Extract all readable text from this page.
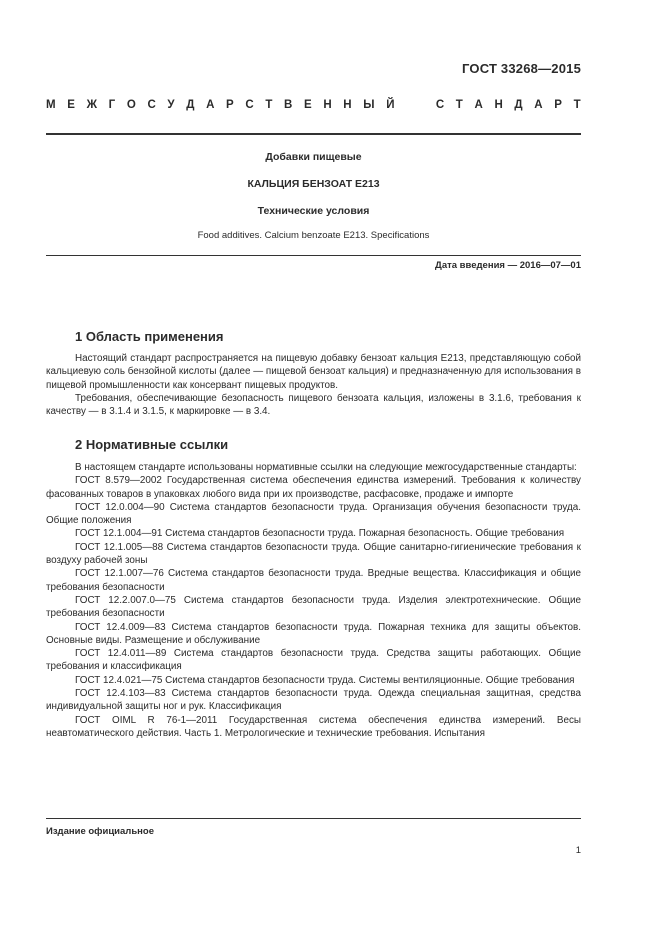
ГОСТ 33268—2015
М Е Ж Г О С У Д А Р С Т В Е Н Н Ы Й

	С Т А Н Д А Р Т
Добавки пищевые
КАЛЬЦИЯ БЕНЗОАТ Е213
Технические условия
Food additives. Calcium benzoate E213. Specifications
Дата введения — 2016—07—01
1 Область применения

Настоящий стандарт распространяется на пищевую добавку бензоат кальция Е213, представляющую собой кальциевую соль бензойной кислоты (далее — пищевой бензоат кальция) и предназначенную для использования в пищевой промышленности как консервант пищевых продуктов.

Требования, обеспечивающие безопасность пищевого бензоата кальция, изложены в 3.1.6, требования к качеству — в 3.1.4 и 3.1.5, к маркировке — в 3.4.

2 Нормативные ссылки

В настоящем стандарте использованы нормативные ссылки на следующие межгосударственные стандарты:

ГОСТ 8.579—2002 Государственная система обеспечения единства измерений. Требования к количеству фасованных товаров в упаковках любого вида при их производстве, расфасовке, продаже и импорте

ГОСТ 12.0.004—90 Система стандартов безопасности труда. Организация обучения безопасности труда. Общие положения

ГОСТ 12.1.004—91 Система стандартов безопасности труда. Пожарная безопасность. Общие требования

ГОСТ 12.1.005—88 Система стандартов безопасности труда. Общие санитарно-гигиенические требования к воздуху рабочей зоны

ГОСТ 12.1.007—76 Система стандартов безопасности труда. Вредные вещества. Классификация и общие требования безопасности

ГОСТ 12.2.007.0—75 Система стандартов безопасности труда. Изделия электротехнические. Общие требования безопасности

ГОСТ 12.4.009—83 Система стандартов безопасности труда. Пожарная техника для защиты объектов. Основные виды. Размещение и обслуживание

ГОСТ 12.4.011—89 Система стандартов безопасности труда. Средства защиты работающих. Общие требования и классификация

ГОСТ 12.4.021—75 Система стандартов безопасности труда. Системы вентиляционные. Общие требования

ГОСТ 12.4.103—83 Система стандартов безопасности труда. Одежда специальная защитная, средства индивидуальной защиты ног и рук. Классификация

ГОСТ OIML R 76-1—2011 Государственная система обеспечения единства измерений. Весы неавтоматического действия. Часть 1. Метрологические и технические требования. Испытания

Издание официальное
1
